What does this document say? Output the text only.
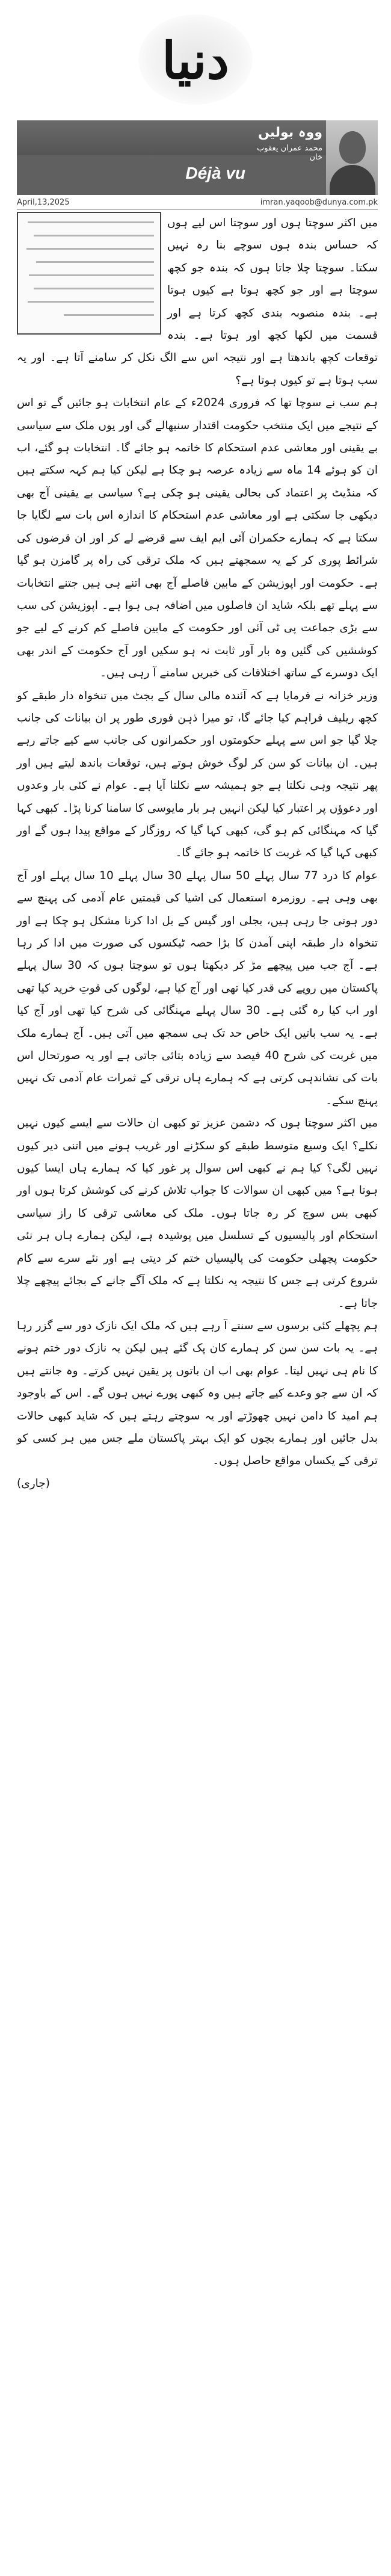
دنیا
ووہ بولیں
محمد عمران یعقوب خان
Déjà vu
April,13,2025	imran.yaqoob@dunya.com.pk

میں اکثر سوچتا ہوں اور سوچتا اس لیے ہوں کہ حساس بندہ ہوں سوچے بنا رہ نہیں سکتا۔ سوچتا چلا جاتا ہوں کہ بندہ جو کچھ سوچتا ہے اور جو کچھ ہوتا ہے کیوں ہوتا ہے۔ بندہ منصوبہ بندی کچھ کرتا ہے اور قسمت میں لکھا کچھ اور ہوتا ہے۔ بندہ توقعات کچھ باندھتا ہے اور نتیجہ اس سے الگ نکل کر سامنے آتا ہے۔ اور یہ سب ہوتا ہے تو کیوں ہوتا ہے؟

ہم سب نے سوچا تھا کہ فروری 2024ء کے عام انتخابات ہو جائیں گے تو اس کے نتیجے میں ایک منتخب حکومت اقتدار سنبھالے گی اور یوں ملک سے سیاسی بے یقینی اور معاشی عدم استحکام کا خاتمہ ہو جائے گا۔ انتخابات ہو گئے، اب ان کو ہوئے 14 ماہ سے زیادہ عرصہ ہو چکا ہے لیکن کیا ہم کہہ سکتے ہیں کہ منڈیٹ پر اعتماد کی بحالی یقینی ہو چکی ہے؟ سیاسی بے یقینی آج بھی دیکھی جا سکتی ہے اور معاشی عدم استحکام کا اندازہ اس بات سے لگایا جا سکتا ہے کہ ہمارے حکمران آئی ایم ایف سے قرضے لے کر اور ان قرضوں کی شرائط پوری کر کے یہ سمجھتے ہیں کہ ملک ترقی کی راہ پر گامزن ہو گیا ہے۔ حکومت اور اپوزیشن کے مابین فاصلے آج بھی اتنے ہی ہیں جتنے انتخابات سے پہلے تھے بلکہ شاید ان فاصلوں میں اضافہ ہی ہوا ہے۔ اپوزیشن کی سب سے بڑی جماعت پی ٹی آئی اور حکومت کے مابین فاصلے کم کرنے کے لیے جو کوششیں کی گئیں وہ بار آور ثابت نہ ہو سکیں اور آج حکومت کے اندر بھی ایک دوسرے کے ساتھ اختلافات کی خبریں سامنے آ رہی ہیں۔

وزیر خزانہ نے فرمایا ہے کہ آئندہ مالی سال کے بجٹ میں تنخواہ دار طبقے کو کچھ ریلیف فراہم کیا جائے گا، تو میرا ذہن فوری طور پر ان بیانات کی جانب چلا گیا جو اس سے پہلے حکومتوں اور حکمرانوں کی جانب سے کیے جاتے رہے ہیں۔ ان بیانات کو سن کر لوگ خوش ہوتے ہیں، توقعات باندھ لیتے ہیں اور پھر نتیجہ وہی نکلتا ہے جو ہمیشہ سے نکلتا آیا ہے۔ عوام نے کئی بار وعدوں اور دعوؤں پر اعتبار کیا لیکن انہیں ہر بار مایوسی کا سامنا کرنا پڑا۔ کبھی کہا گیا کہ مہنگائی کم ہو گی، کبھی کہا گیا کہ روزگار کے مواقع پیدا ہوں گے اور کبھی کہا گیا کہ غربت کا خاتمہ ہو جائے گا۔

عوام کا درد 77 سال پہلے 50 سال پہلے 30 سال پہلے 10 سال پہلے اور آج بھی وہی ہے۔ روزمرہ استعمال کی اشیا کی قیمتیں عام آدمی کی پہنچ سے دور ہوتی جا رہی ہیں، بجلی اور گیس کے بل ادا کرنا مشکل ہو چکا ہے اور تنخواہ دار طبقہ اپنی آمدن کا بڑا حصہ ٹیکسوں کی صورت میں ادا کر رہا ہے۔ آج جب میں پیچھے مڑ کر دیکھتا ہوں تو سوچتا ہوں کہ 30 سال پہلے پاکستان میں روپے کی قدر کیا تھی اور آج کیا ہے، لوگوں کی قوتِ خرید کیا تھی اور اب کیا رہ گئی ہے۔ 30 سال پہلے مہنگائی کی شرح کیا تھی اور آج کیا ہے۔ یہ سب باتیں ایک خاص حد تک ہی سمجھ میں آتی ہیں۔ آج ہمارے ملک میں غربت کی شرح 40 فیصد سے زیادہ بتائی جاتی ہے اور یہ صورتحال اس بات کی نشاندہی کرتی ہے کہ ہمارے ہاں ترقی کے ثمرات عام آدمی تک نہیں پہنچ سکے۔

میں اکثر سوچتا ہوں کہ دشمن عزیز تو کبھی ان حالات سے ایسے کیوں نہیں نکلے؟ ایک وسیع متوسط طبقے کو سکڑنے اور غریب ہونے میں اتنی دیر کیوں نہیں لگی؟ کیا ہم نے کبھی اس سوال پر غور کیا کہ ہمارے ہاں ایسا کیوں ہوتا ہے؟ میں کبھی ان سوالات کا جواب تلاش کرنے کی کوشش کرتا ہوں اور کبھی بس سوچ کر رہ جاتا ہوں۔ ملک کی معاشی ترقی کا راز سیاسی استحکام اور پالیسیوں کے تسلسل میں پوشیدہ ہے، لیکن ہمارے ہاں ہر نئی حکومت پچھلی حکومت کی پالیسیاں ختم کر دیتی ہے اور نئے سرے سے کام شروع کرتی ہے جس کا نتیجہ یہ نکلتا ہے کہ ملک آگے جانے کے بجائے پیچھے چلا جاتا ہے۔

ہم پچھلے کئی برسوں سے سنتے آ رہے ہیں کہ ملک ایک نازک دور سے گزر رہا ہے۔ یہ بات سن سن کر ہمارے کان پک گئے ہیں لیکن یہ نازک دور ختم ہونے کا نام ہی نہیں لیتا۔ عوام بھی اب ان باتوں پر یقین نہیں کرتے۔ وہ جانتے ہیں کہ ان سے جو وعدے کیے جاتے ہیں وہ کبھی پورے نہیں ہوں گے۔ اس کے باوجود ہم امید کا دامن نہیں چھوڑتے اور یہ سوچتے رہتے ہیں کہ شاید کبھی حالات بدل جائیں اور ہمارے بچوں کو ایک بہتر پاکستان ملے جس میں ہر کسی کو ترقی کے یکساں مواقع حاصل ہوں۔

(جاری)
